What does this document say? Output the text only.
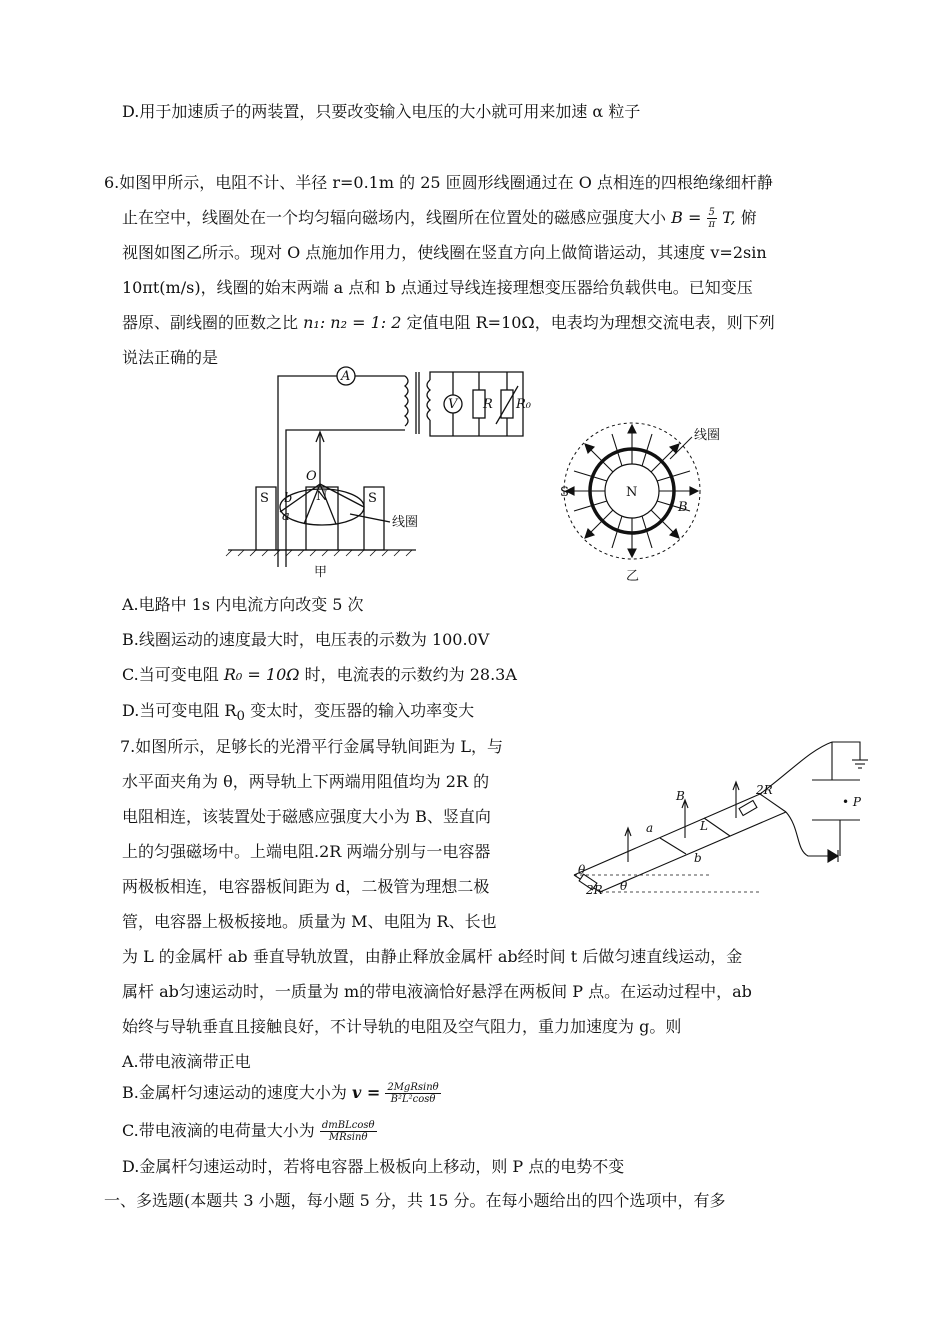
D.用于加速质子的两装置，只要改变输入电压的大小就可用来加速 α 粒子
6.如图甲所示，电阻不计、半径 r=0.1m 的 25 匝圆形线圈通过在 O 点相连的四根绝缘细杆静
止在空中，线圈处在一个均匀辐向磁场内，线圈所在位置处的磁感应强度大小 $B = \frac{5}{\pi} T$, 俯
视图如图乙所示。现对 O 点施加作用力，使线圈在竖直方向上做简谐运动，其速度 v=2sin
10πt(m/s)，线圈的始末两端 a 点和 b 点通过导线连接理想变压器给负载供电。已知变压
器原、副线圈的匝数之比 n₁: n₂ = 1: 2 定值电阻 R=10Ω，电表均为理想交流电表，则下列
说法正确的是
A
V R R₀
O
b
a
S	N	S
线圈
甲
线圈
S	N
B
乙
A.电路中 1s 内电流方向改变 5 次
B.线圈运动的速度最大时，电压表的示数为 100.0V
C.当可变电阻 R₀ = 10Ω 时，电流表的示数约为 28.3A
D.当可变电阻 $R_0$ 变太时，变压器的输入功率变大
7.如图所示，足够长的光滑平行金属导轨间距为 L，与
水平面夹角为 θ，两导轨上下两端用阻值均为 2R 的
电阻相连，该装置处于磁感应强度大小为 B、竖直向
上的匀强磁场中。上端电阻.2R 两端分别与一电容器
两极板相连，电容器板间距为 d，二极管为理想二极
管，电容器上极板接地。质量为 M、电阻为 R、长也
为 L 的金属杆 ab 垂直导轨放置，由静止释放金属杆 ab经时间 t 后做匀速直线运动，金
属杆 ab匀速运动时，一质量为 m的带电液滴恰好悬浮在两板间 P 点。在运动过程中，ab
始终与导轨垂直且接触良好，不计导轨的电阻及空气阻力，重力加速度为 g。则
B	2R
2R
a
b
L
θ
θ
• P
A.带电液滴带正电
B.金属杆匀速运动的速度大小为 $v = \frac{\text{2MgRsinθ}}{\text{B²L²cosθ}}$
C.带电液滴的电荷量大小为 $\frac{\text{dmBLcosθ}}{MRsin\theta}$
D.金属杆匀速运动时，若将电容器上极板向上移动，则 P 点的电势不变
一、多选题(本题共 3 小题，每小题 5 分，共 15 分。在每小题给出的四个选项中，有多
